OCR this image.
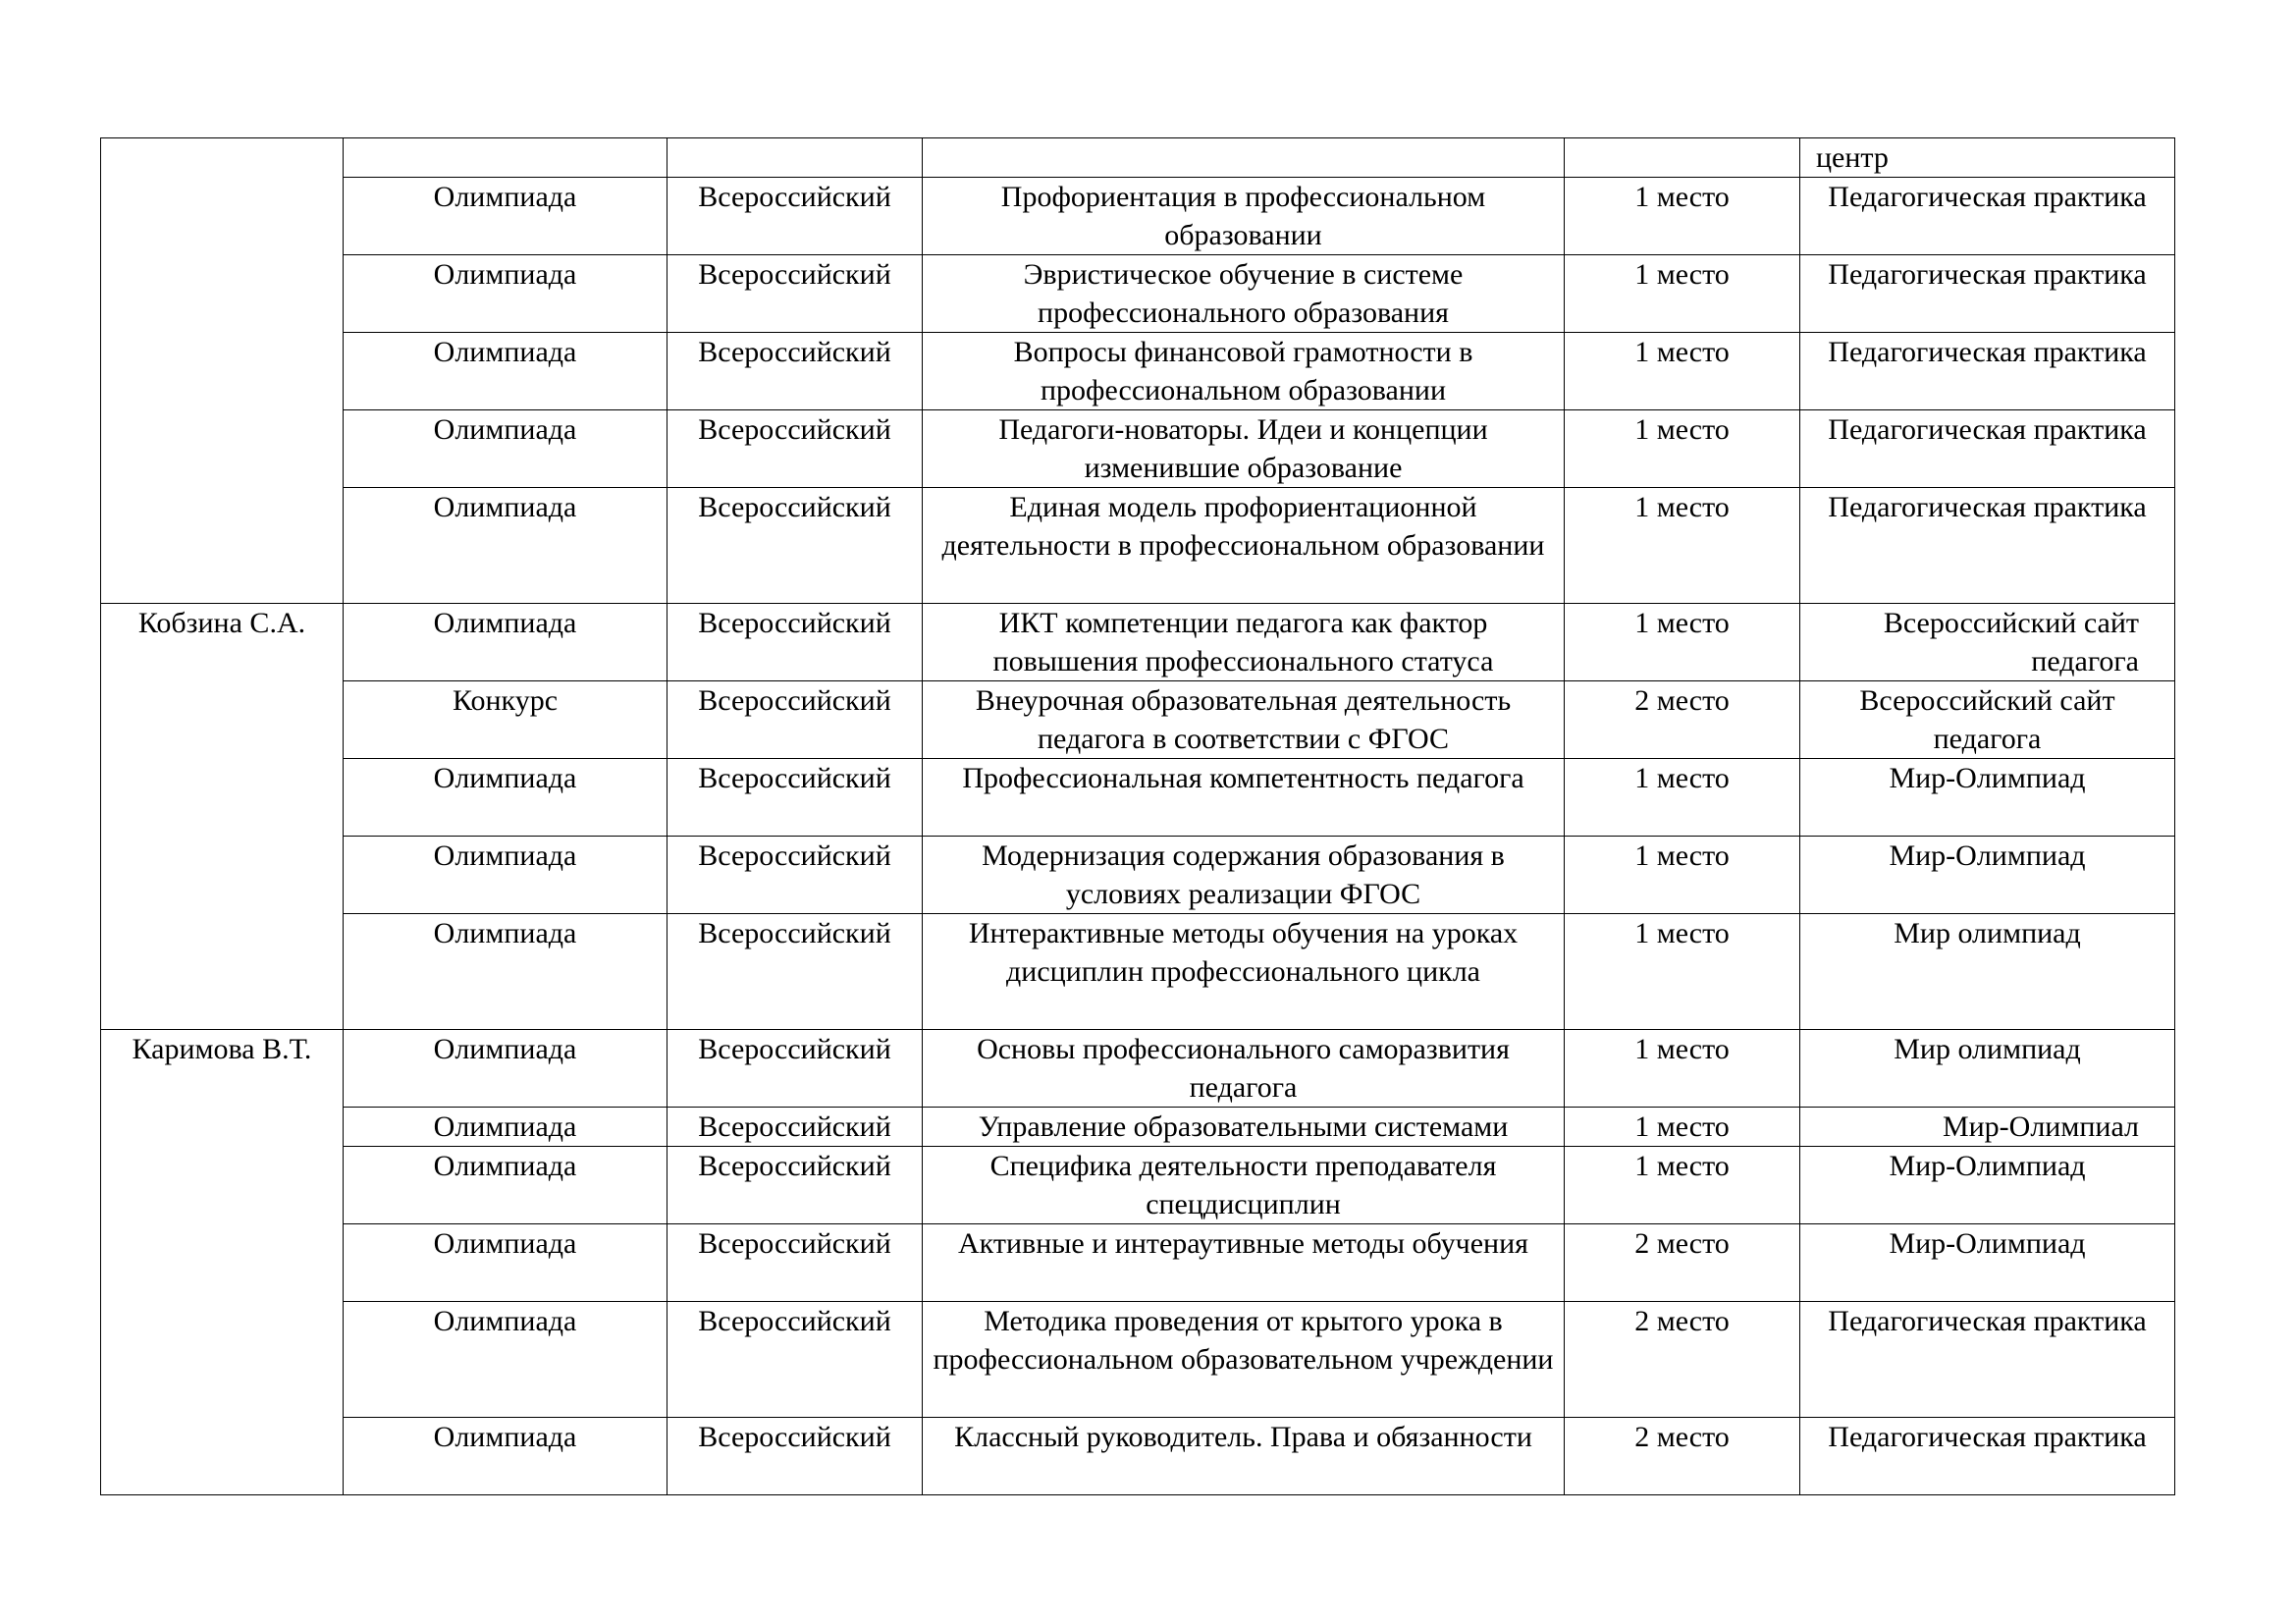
					центр
	Олимпиада	Всероссийский	Профориентация в профессиональном образовании	1 место	Педагогическая практика
	Олимпиада	Всероссийский	Эвристическое обучение в системе профессионального образования	1 место	Педагогическая практика
	Олимпиада	Всероссийский	Вопросы финансовой грамотности в профессиональном образовании	1 место	Педагогическая практика
	Олимпиада	Всероссийский	Педагоги-новаторы. Идеи и концепции изменившие образование	1 место	Педагогическая практика
	Олимпиада	Всероссийский	Единая модель профориентационной деятельности в профессиональном образовании	1 место	Педагогическая практика
Кобзина С.А.	Олимпиада	Всероссийский	ИКТ компетенции педагога как фактор повышения профессионального статуса	1 место	Всероссийский сайт педагога
	Конкурс	Всероссийский	Внеурочная образовательная деятельность педагога в соответствии с ФГОС	2 место	Всероссийский сайт педагога
	Олимпиада	Всероссийский	Профессиональная компетентность педагога	1 место	Мир-Олимпиад
	Олимпиада	Всероссийский	Модернизация содержания образования в условиях реализации ФГОС	1 место	Мир-Олимпиад
	Олимпиада	Всероссийский	Интерактивные методы обучения на уроках дисциплин профессионального цикла	1 место	Мир олимпиад
Каримова В.Т.	Олимпиада	Всероссийский	Основы профессионального саморазвития педагога	1 место	Мир олимпиад
	Олимпиада	Всероссийский	Управление образовательными системами	1 место	Мир-Олимпиал
	Олимпиада	Всероссийский	Специфика деятельности преподавателя спецдисциплин	1 место	Мир-Олимпиад
	Олимпиада	Всероссийский	Активные и интераутивные методы обучения	2 место	Мир-Олимпиад
	Олимпиада	Всероссийский	Методика проведения от крытого урока в профессиональном образовательном учреждении	2 место	Педагогическая практика
	Олимпиада	Всероссийский	Классный руководитель. Права и обязанности	2 место	Педагогическая практика
